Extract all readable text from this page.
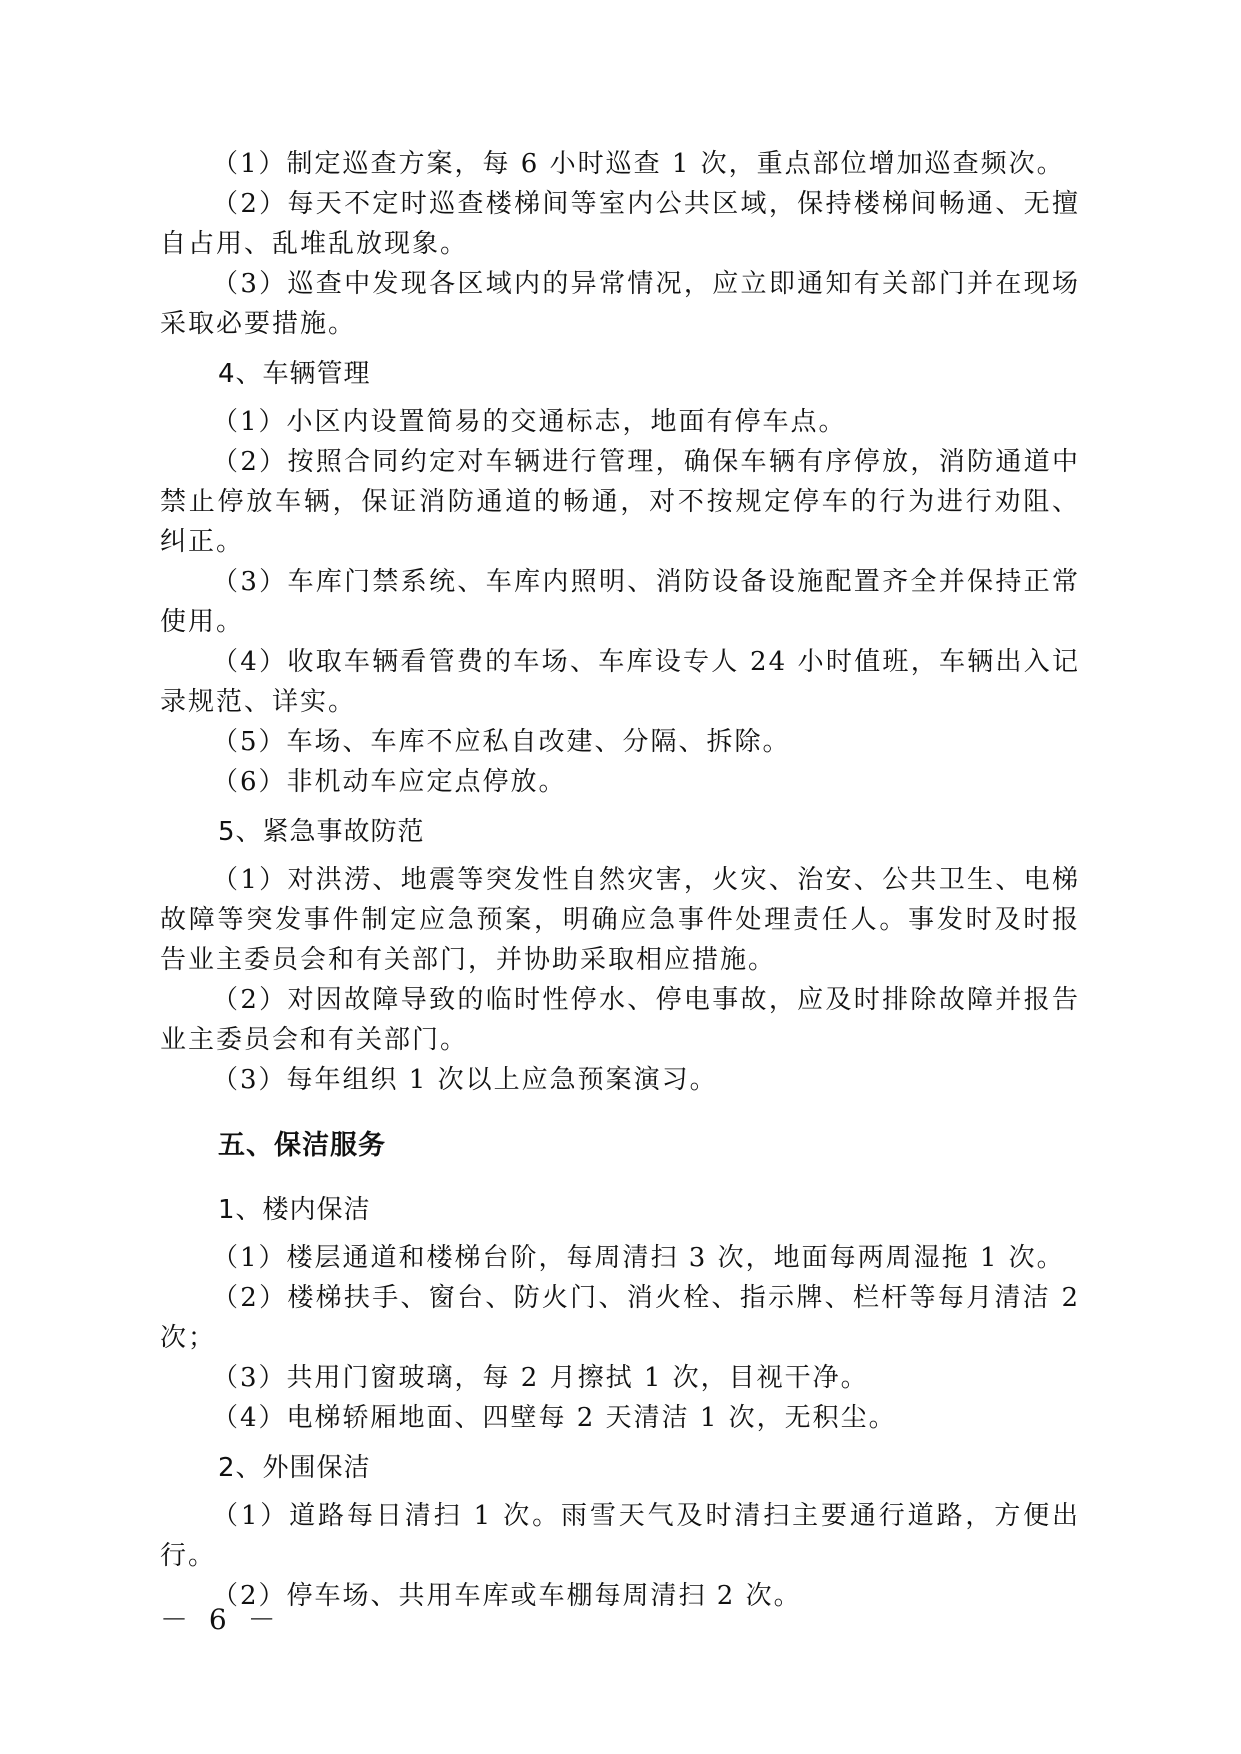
（1）制定巡查方案，每 6 小时巡查 1 次，重点部位增加巡查频次。

（2）每天不定时巡查楼梯间等室内公共区域，保持楼梯间畅通、无擅自占用、乱堆乱放现象。

（3）巡查中发现各区域内的异常情况，应立即通知有关部门并在现场采取必要措施。

4、车辆管理

（1）小区内设置简易的交通标志，地面有停车点。

（2）按照合同约定对车辆进行管理，确保车辆有序停放，消防通道中禁止停放车辆，保证消防通道的畅通，对不按规定停车的行为进行劝阻、纠正。

（3）车库门禁系统、车库内照明、消防设备设施配置齐全并保持正常使用。

（4）收取车辆看管费的车场、车库设专人 24 小时值班，车辆出入记录规范、详实。

（5）车场、车库不应私自改建、分隔、拆除。

（6）非机动车应定点停放。

5、紧急事故防范

（1）对洪涝、地震等突发性自然灾害，火灾、治安、公共卫生、电梯故障等突发事件制定应急预案，明确应急事件处理责任人。事发时及时报告业主委员会和有关部门，并协助采取相应措施。

（2）对因故障导致的临时性停水、停电事故，应及时排除故障并报告业主委员会和有关部门。

（3）每年组织 1 次以上应急预案演习。

五、保洁服务

1、楼内保洁

（1）楼层通道和楼梯台阶，每周清扫 3 次，地面每两周湿拖 1 次。

（2）楼梯扶手、窗台、防火门、消火栓、指示牌、栏杆等每月清洁 2 次；

（3）共用门窗玻璃，每 2 月擦拭 1 次，目视干净。

（4）电梯轿厢地面、四壁每 2 天清洁 1 次，无积尘。

2、外围保洁

（1）道路每日清扫 1 次。雨雪天气及时清扫主要通行道路，方便出行。

（2）停车场、共用车库或车棚每周清扫 2 次。

－ 6 －
